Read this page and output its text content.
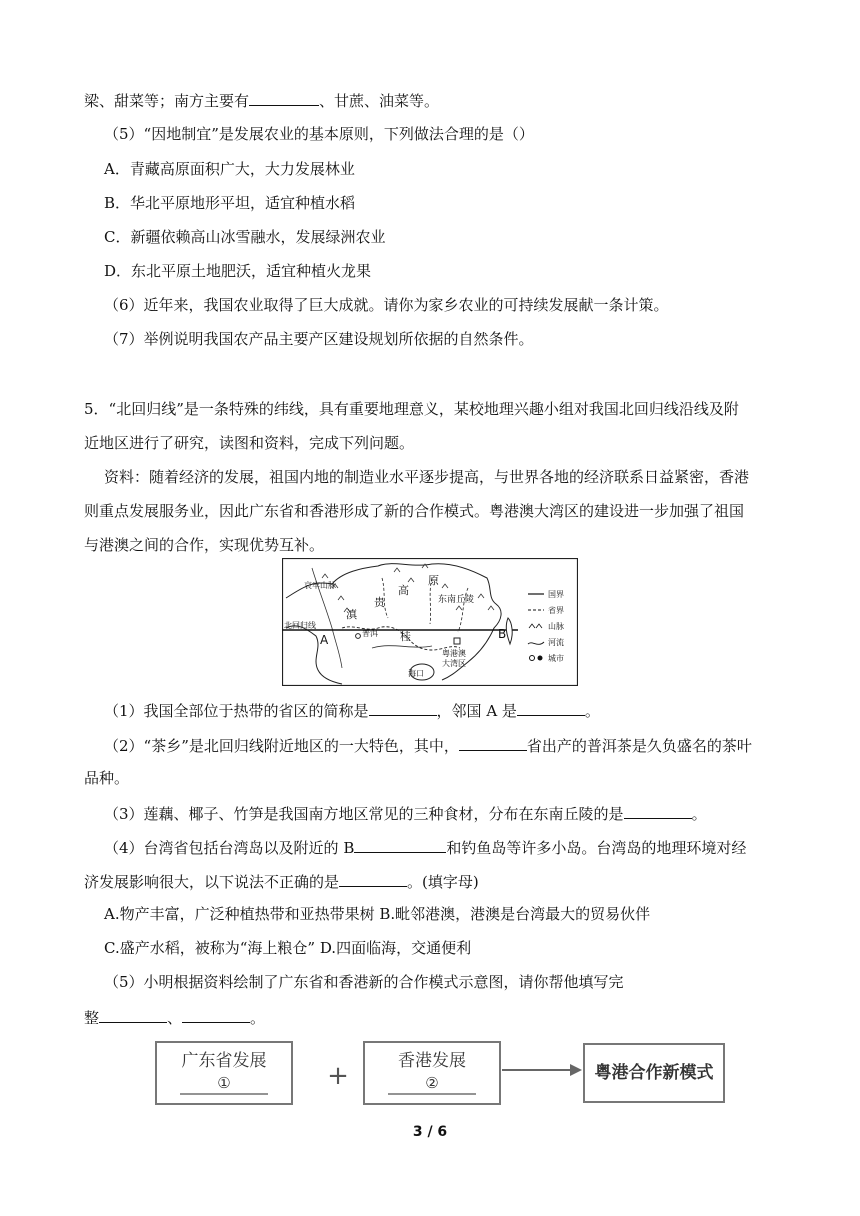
梁、甜菜等；南方主要有	、甘蔗、油菜等。
（5）“因地制宜”是发展农业的基本原则，下列做法合理的是（）
A．青藏高原面积广大，大力发展林业
B．华北平原地形平坦，适宜种植水稻
C．新疆依赖高山冰雪融水，发展绿洲农业
D．东北平原土地肥沃，适宜种植火龙果
（6）近年来，我国农业取得了巨大成就。请你为家乡农业的可持续发展献一条计策。
（7）举例说明我国农产品主要产区建设规划所依据的自然条件。
5．“北回归线”是一条特殊的纬线，具有重要地理意义，某校地理兴趣小组对我国北回归线沿线及附
近地区进行了研究，读图和资料，完成下列问题。
资料：随着经济的发展，祖国内地的制造业水平逐步提高，与世界各地的经济联系日益紧密，香港
则重点发展服务业，因此广东省和香港形成了新的合作模式。粤港澳大湾区的建设进一步加强了祖国
与港澳之间的合作，实现优势互补。
高
原
东南丘陵
哀牢山脉
北回归线
普洱
贵
桂
滇
A	B
粤港澳
大湾区
海口
国界
省界
山脉
河流
城市
（1）我国全部位于热带的省区的简称是	，邻国 A 是	。
（2）“茶乡”是北回归线附近地区的一大特色，其中，	省出产的普洱茶是久负盛名的茶叶
品种。
（3）莲藕、椰子、竹笋是我国南方地区常见的三种食材，分布在东南丘陵的是	。
（4）台湾省包括台湾岛以及附近的 B	和钓鱼岛等许多小岛。台湾岛的地理环境对经
济发展影响很大，以下说法不正确的是	。(填字母)
A.物产丰富，广泛种植热带和亚热带果树 B.毗邻港澳，港澳是台湾最大的贸易伙伴
C.盛产水稻，被称为“海上粮仓” D.四面临海，交通便利
（5）小明根据资料绘制了广东省和香港新的合作模式示意图，请你帮他填写完
整	、	。
广东省发展
①	+	香港发展
②	粤港合作新模式
3 / 6
